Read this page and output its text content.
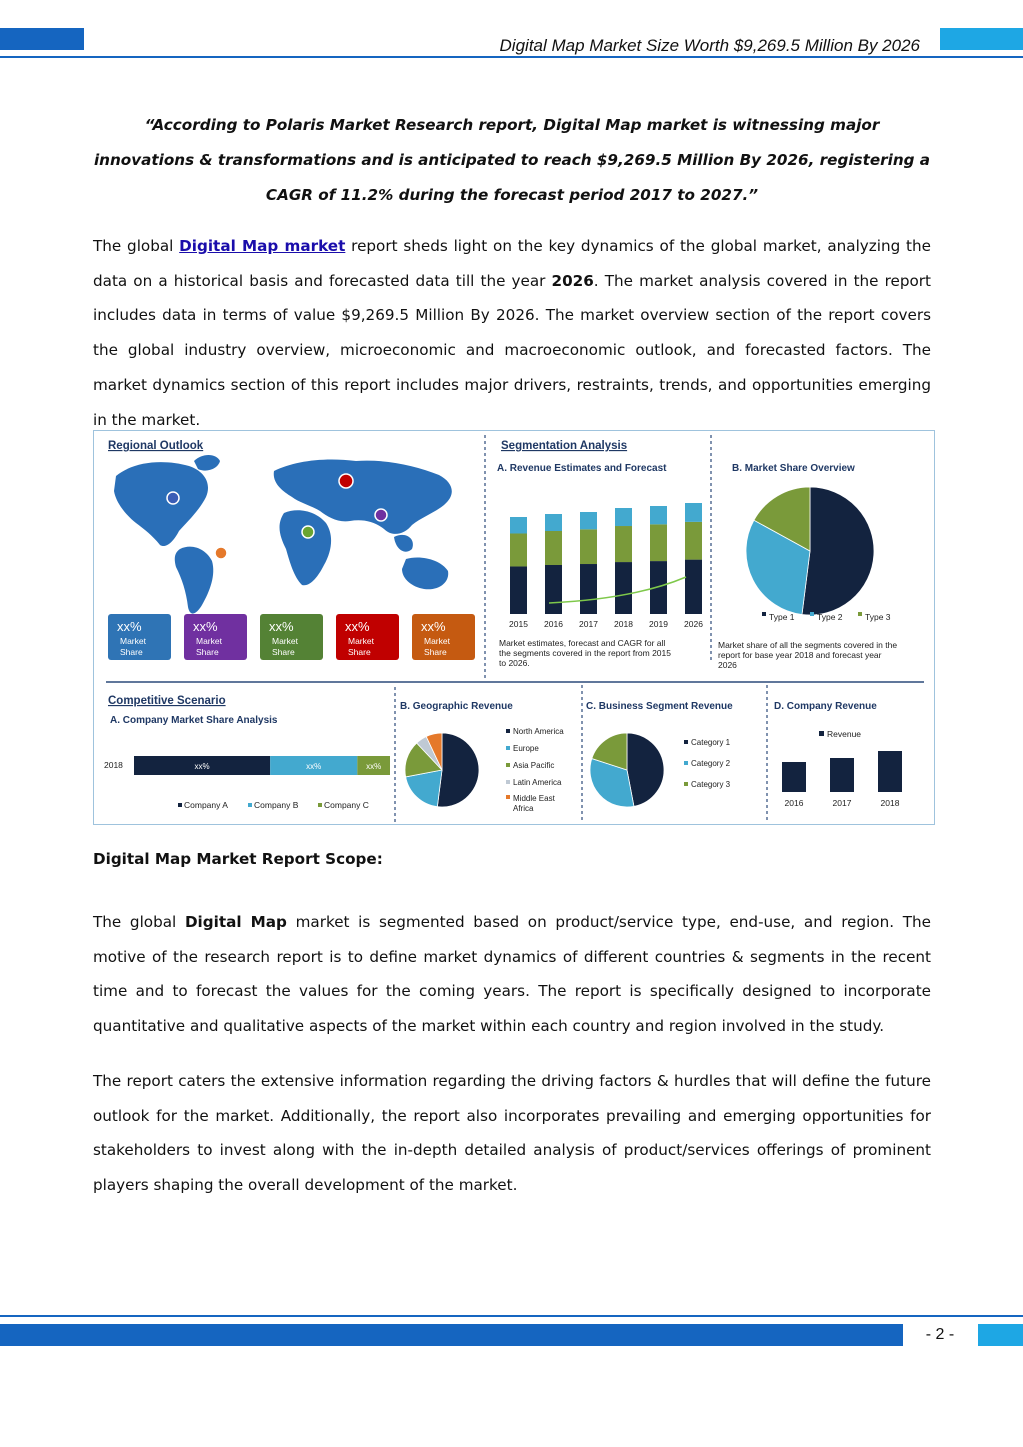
Digital Map Market Size Worth $9,269.5 Million By 2026

“According to Polaris Market Research report, Digital Map market is witnessing major innovations & transformations and is anticipated to reach $9,269.5 Million By 2026, registering a CAGR of 11.2% during the forecast period 2017 to 2027.”

The global Digital Map market report sheds light on the key dynamics of the global market, analyzing the data on a historical basis and forecasted data till the year 2026. The market analysis covered in the report includes data in terms of value $9,269.5 Million By 2026. The market overview section of the report covers the global industry overview, microeconomic and macroeconomic outlook, and forecasted factors. The market dynamics section of this report includes major drivers, restraints, trends, and opportunities emerging in the market.

Regional Outlook
xx%
Market
Share
xx%
Market
Share
xx%
Market
Share
xx%
Market
Share
xx%
Market
Share
Segmentation Analysis
A. Revenue Estimates and Forecast	B. Market Share Overview
2015 2016 2017 2018 2019 2026
Type 1	Type 2	Type 3
Market estimates, forecast and CAGR for all the segments covered in the report from 2015 to 2026.
Market share of all the segments covered in the report for base year 2018 and forecast year 2026
Competitive Scenario
A. Company Market Share Analysis
2018	xx%	xx%	xx%
Company A	Company B	Company C
B. Geographic Revenue
North America
Europe
Asia Pacific
Latin America
Middle East
Africa
C. Business Segment Revenue
Category 1
Category 2
Category 3
D. Company Revenue
Revenue
2016	2017	2018
Digital Map Market Report Scope:

The global Digital Map market is segmented based on product/service type, end-use, and region. The motive of the research report is to define market dynamics of different countries & segments in the recent time and to forecast the values for the coming years. The report is specifically designed to incorporate quantitative and qualitative aspects of the market within each country and region involved in the study.

The report caters the extensive information regarding the driving factors & hurdles that will define the future outlook for the market. Additionally, the report also incorporates prevailing and emerging opportunities for stakeholders to invest along with the in-depth detailed analysis of product/services offerings of prominent players shaping the overall development of the market.

- 2 -
